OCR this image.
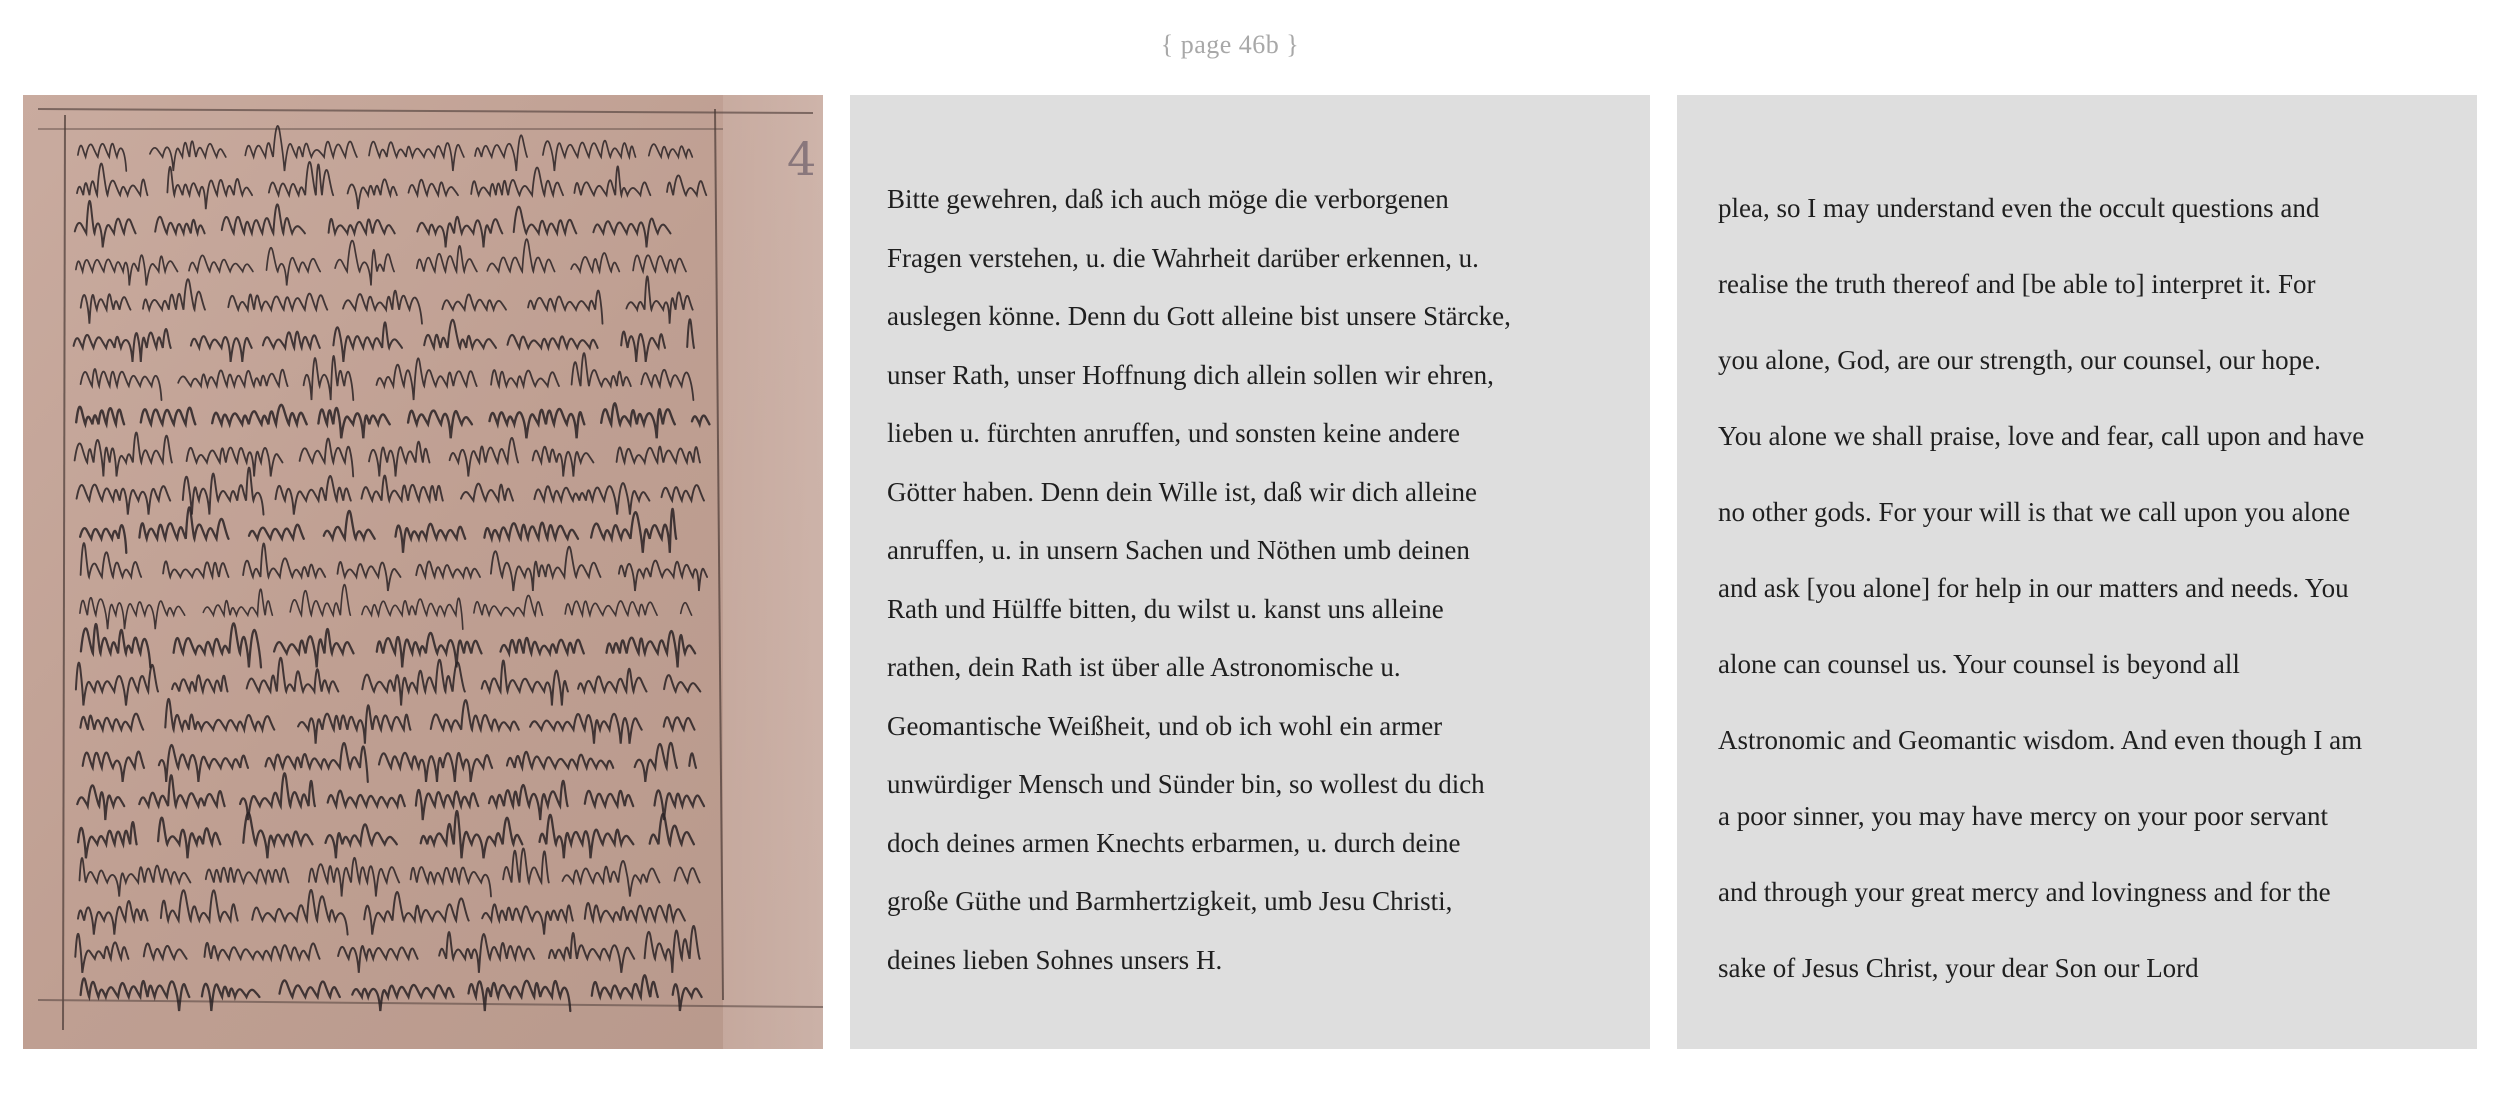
{ page 46b }
4
Bitte gewehren, daß ich auch möge die verborgenen
Fragen verstehen, u. die Wahrheit darüber erkennen, u.
auslegen könne. Denn du Gott alleine bist unsere Stärcke,
unser Rath, unser Hoffnung dich allein sollen wir ehren,
lieben u. fürchten anruffen, und sonsten keine andere
Götter haben. Denn dein Wille ist, daß wir dich alleine
anruffen, u. in unsern Sachen und Nöthen umb deinen
Rath und Hülffe bitten, du wilst u. kanst uns alleine
rathen, dein Rath ist über alle Astronomische u.
Geomantische Weißheit, und ob ich wohl ein armer
unwürdiger Mensch und Sünder bin, so wollest du dich
doch deines armen Knechts erbarmen, u. durch deine
große Güthe und Barmhertzigkeit, umb Jesu Christi,
deines lieben Sohnes unsers H.
plea, so I may understand even the occult questions and
realise the truth thereof and [be able to] interpret it. For
you alone, God, are our strength, our counsel, our hope.
You alone we shall praise, love and fear, call upon and have
no other gods. For your will is that we call upon you alone
and ask [you alone] for help in our matters and needs. You
alone can counsel us. Your counsel is beyond all
Astronomic and Geomantic wisdom. And even though I am
a poor sinner, you may have mercy on your poor servant
and through your great mercy and lovingness and for the
sake of Jesus Christ, your dear Son our Lord
